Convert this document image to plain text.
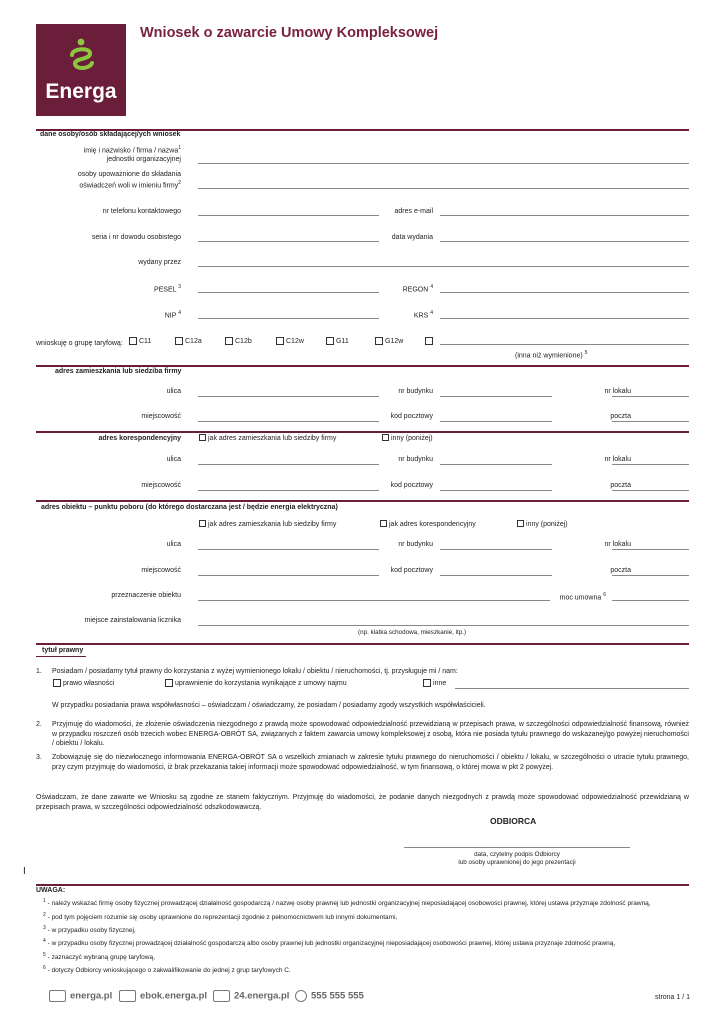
Energa
Wniosek o zawarcie Umowy Kompleksowej
dane osoby/osób składającej/ych wniosek
imię i nazwisko / firma / nazwa$^1$
jednostki organizacyjnej
osoby upoważnione do składania
oświadczeń woli w imieniu firmy$^2$
nr telefonu kontaktowego	adres e-mail
seria i nr dowodu osobistego	data wydania
wydany przez
PESEL $^3$	REGON $^4$
NIP $^4$	KRS $^4$
wnioskuję o grupę taryfową:	C11	C12a	C12b	C12w	G11	G12w
(inna niż wymienione) $^5$
adres zamieszkania lub siedziba firmy
ulica	nr budynku	nr lokalu
miejscowość	kod pocztowy	poczta
adres korespondencyjny	jak adres zamieszkania lub siedziby firmy	inny (poniżej)
ulica	nr budynku	nr lokalu
miejscowość	kod pocztowy	poczta
adres obiektu – punktu poboru (do którego dostarczana jest / będzie energia elektryczna)
jak adres zamieszkania lub siedziby firmy	jak adres korespondencyjny	inny (poniżej)
ulica	nr budynku	nr lokalu
miejscowość	kod pocztowy	poczta
przeznaczenie obiektu	moc umowna $^6$
miejsce zainstalowania licznika
(np. klatka schodowa, mieszkanie, itp.)
tytuł prawny
1. Posiadam / posiadamy tytuł prawny do korzystania z wyżej wymienionego lokalu / obiektu / nieruchomości, tj. przysługuje mi / nam:
prawo własności	uprawnienie do korzystania wynikające z umowy najmu	inne
W przypadku posiadania prawa współwłasności – oświadczam / oświadczamy, że posiadam / posiadamy zgody wszystkich współwłaścicieli.
2. Przyjmuję do wiadomości, że złożenie oświadczenia niezgodnego z prawdą może spowodować odpowiedzialność przewidzianą w przepisach prawa, w szczególności odpowiedzialność finansową, również w przypadku roszczeń osób trzecich wobec ENERGA-OBRÓT SA, związanych z faktem zawarcia umowy kompleksowej z osobą, która nie posiada tytułu prawnego do wskazanej/go powyżej nieruchomości / obiektu / lokalu.
3. Zobowiązuję się do niezwłocznego informowania ENERGA-OBRÓT SA o wszelkich zmianach w zakresie tytułu prawnego do nieruchomości / obiektu / lokalu, w szczególności o utracie tytułu prawnego, przy czym przyjmuję do wiadomości, iż brak przekazania takiej informacji może spowodować odpowiedzialność, w tym finansową, o której mowa w pkt 2 powyżej.
Oświadczam, że dane zawarte we Wniosku są zgodne ze stanem faktycznym. Przyjmuję do wiadomości, że podanie danych niezgodnych z prawdą może spowodować odpowiedzialność przewidzianą w przepisach prawa, w szczególności odpowiedzialność odszkodowawczą.
ODBIORCA
data, czytelny podpis Odbiorcy
lub osoby uprawnionej do jego prezentacji
I
UWAGA:
$^1$ - należy wskazać firmę osoby fizycznej prowadzącej działalność gospodarczą / nazwę osoby prawnej lub jednostki organizacyjnej nieposiadającej osobowości prawnej, której ustawa przyznaje zdolność prawną,
$^2$ - pod tym pojęciem rozumie się osoby uprawnione do reprezentacji zgodnie z pełnomocnictwem lub innymi dokumentami,
$^3$ - w przypadku osoby fizycznej,
$^4$ - w przypadku osoby fizycznej prowadzącej działalność gospodarczą albo osoby prawnej lub jednostki organizacyjnej nieposiadającej osobowości prawnej, której ustawa przyznaje zdolność prawną,
$^5$ - zaznaczyć wybraną grupę taryfową,
$^6$ - dotyczy Odbiorcy wnioskującego o zakwalifikowanie do jednej z grup taryfowych C.
energa.pl	ebok.energa.pl	24.energa.pl	555 555 555	strona 1 / 1
